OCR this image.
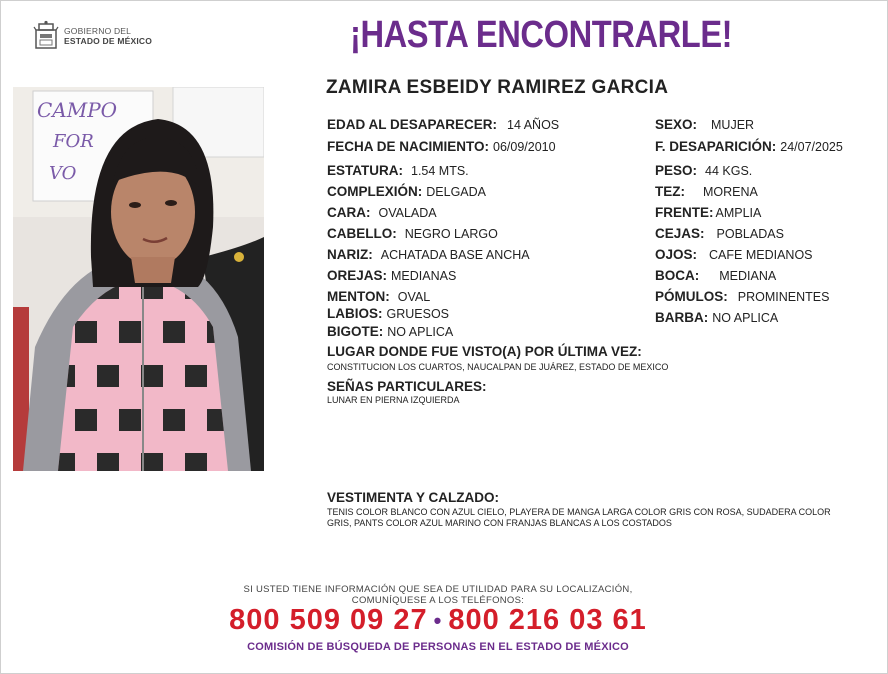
GOBIERNO DEL
ESTADO DE MÉXICO	¡HASTA ENCONTRARLE!
ZAMIRA ESBEIDY RAMIREZ GARCIA
CAMPO
FOR
VO
EDAD AL DESAPARECER: 14 AÑOS
FECHA DE NACIMIENTO: 06/09/2010
ESTATURA: 1.54 MTS.
COMPLEXIÓN: DELGADA
CARA: OVALADA
CABELLO: NEGRO LARGO
NARIZ: ACHATADA BASE ANCHA
OREJAS: MEDIANAS
MENTON: OVAL
LABIOS: GRUESOS
BIGOTE: NO APLICA
SEXO: MUJER
F. DESAPARICIÓN: 24/07/2025
PESO: 44 KGS.
TEZ: MORENA
FRENTE: AMPLIA
CEJAS: POBLADAS
OJOS: CAFE MEDIANOS
BOCA: MEDIANA
PÓMULOS: PROMINENTES
BARBA: NO APLICA
LUGAR DONDE FUE VISTO(A) POR ÚLTIMA VEZ:
CONSTITUCION LOS CUARTOS, NAUCALPAN DE JUÁREZ, ESTADO DE MEXICO
SEÑAS PARTICULARES:
LUNAR EN PIERNA IZQUIERDA
VESTIMENTA Y CALZADO:
TENIS COLOR BLANCO CON AZUL CIELO, PLAYERA DE MANGA LARGA COLOR GRIS CON ROSA, SUDADERA COLOR GRIS, PANTS COLOR AZUL MARINO CON FRANJAS BLANCAS A LOS COSTADOS
SI USTED TIENE INFORMACIÓN QUE SEA DE UTILIDAD PARA SU LOCALIZACIÓN,
COMUNÍQUESE A LOS TELÉFONOS:
800 509 09 27 • 800 216 03 61
COMISIÓN DE BÚSQUEDA DE PERSONAS EN EL ESTADO DE MÉXICO
